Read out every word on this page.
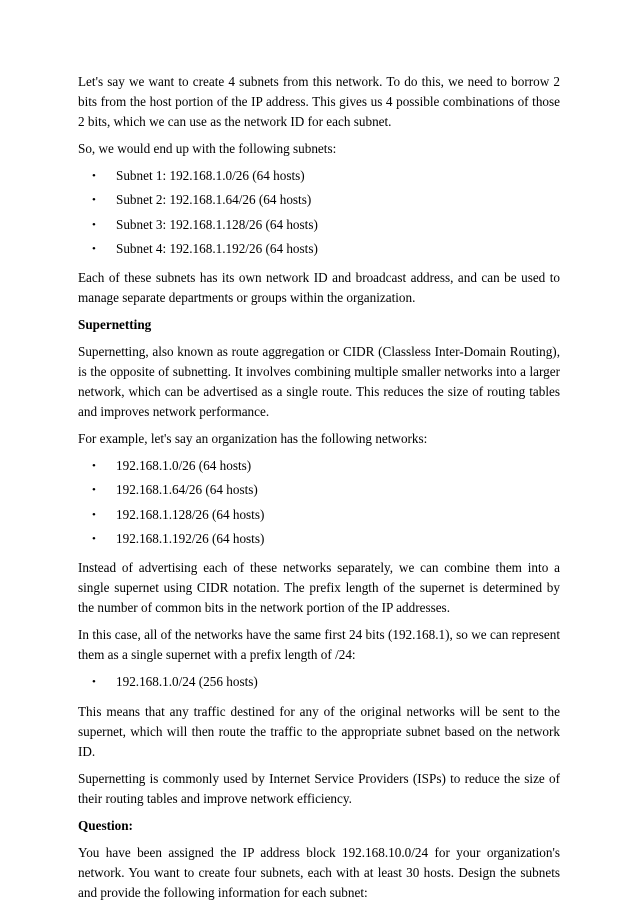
Let's say we want to create 4 subnets from this network. To do this, we need to borrow 2 bits from the host portion of the IP address. This gives us 4 possible combinations of those 2 bits, which we can use as the network ID for each subnet.

So, we would end up with the following subnets:

• Subnet 1: 192.168.1.0/26 (64 hosts)
• Subnet 2: 192.168.1.64/26 (64 hosts)
• Subnet 3: 192.168.1.128/26 (64 hosts)
• Subnet 4: 192.168.1.192/26 (64 hosts)

Each of these subnets has its own network ID and broadcast address, and can be used to manage separate departments or groups within the organization.

Supernetting

Supernetting, also known as route aggregation or CIDR (Classless Inter-Domain Routing), is the opposite of subnetting. It involves combining multiple smaller networks into a larger network, which can be advertised as a single route. This reduces the size of routing tables and improves network performance.

For example, let's say an organization has the following networks:

• 192.168.1.0/26 (64 hosts)
• 192.168.1.64/26 (64 hosts)
• 192.168.1.128/26 (64 hosts)
• 192.168.1.192/26 (64 hosts)

Instead of advertising each of these networks separately, we can combine them into a single supernet using CIDR notation. The prefix length of the supernet is determined by the number of common bits in the network portion of the IP addresses.

In this case, all of the networks have the same first 24 bits (192.168.1), so we can represent them as a single supernet with a prefix length of /24:

• 192.168.1.0/24 (256 hosts)

This means that any traffic destined for any of the original networks will be sent to the supernet, which will then route the traffic to the appropriate subnet based on the network ID.

Supernetting is commonly used by Internet Service Providers (ISPs) to reduce the size of their routing tables and improve network efficiency.

Question:

You have been assigned the IP address block 192.168.10.0/24 for your organization's network. You want to create four subnets, each with at least 30 hosts. Design the subnets and provide the following information for each subnet:
